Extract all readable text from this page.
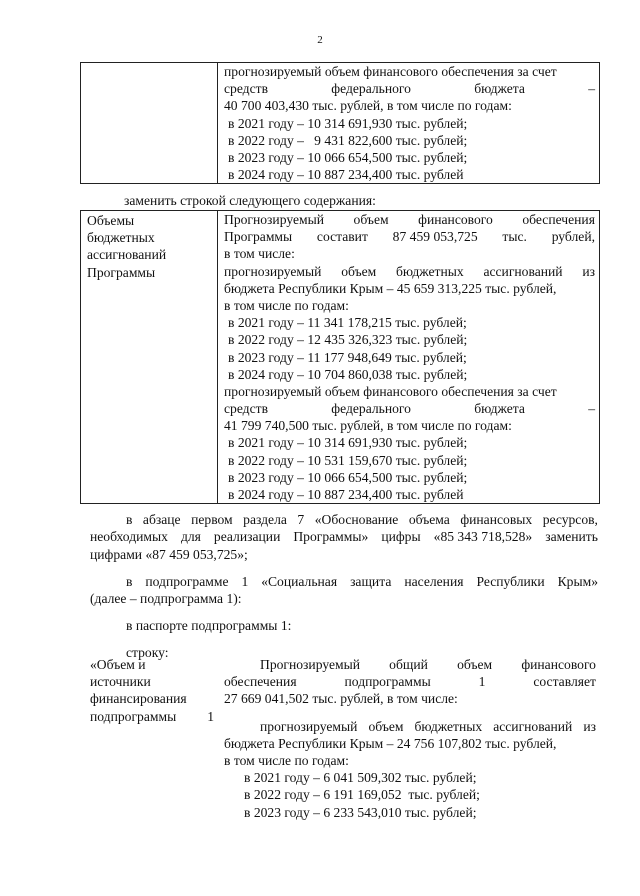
2

прогнозируемый объем финансового обеспечения за счет
средств	федерального	бюджета	–
40 700 403,430 тыс. рублей, в том числе по годам:
в 2021 году – 10 314 691,930 тыс. рублей;
в 2022 году –   9 431 822,600 тыс. рублей;
в 2023 году – 10 066 654,500 тыс. рублей;
в 2024 году – 10 887 234,400 тыс. рублей
заменить строкой следующего содержания:
Объемы
бюджетных
ассигнований
Программы

Прогнозируемый объем финансового обеспечения
Программы составит 87 459 053,725 тыс. рублей,
в том числе:
прогнозируемый объем бюджетных ассигнований из
бюджета Республики Крым – 45 659 313,225 тыс. рублей,
в том числе по годам:
в 2021 году – 11 341 178,215 тыс. рублей;
в 2022 году – 12 435 326,323 тыс. рублей;
в 2023 году – 11 177 948,649 тыс. рублей;
в 2024 году – 10 704 860,038 тыс. рублей;
прогнозируемый объем финансового обеспечения за счет
средств	федерального	бюджета	–
41 799 740,500 тыс. рублей, в том числе по годам:
в 2021 году – 10 314 691,930 тыс. рублей;
в 2022 году – 10 531 159,670 тыс. рублей;
в 2023 году – 10 066 654,500 тыс. рублей;
в 2024 году – 10 887 234,400 тыс. рублей
в абзаце первом раздела 7 «Обоснование объема финансовых ресурсов,
необходимых для реализации Программы» цифры «85 343 718,528» заменить
цифрами «87 459 053,725»;
в подпрограмме 1 «Социальная защита населения Республики Крым»
(далее – подпрограмма 1):
в паспорте подпрограммы 1:
строку:
«Объем и
источники
финансирования
подпрограммы 1
Прогнозируемый общий объем финансового
обеспечения	подпрограммы	1	составляет
27 669 041,502 тыс. рублей, в том числе:
прогнозируемый объем бюджетных ассигнований из
бюджета Республики Крым – 24 756 107,802 тыс. рублей,
в том числе по годам:
в 2021 году – 6 041 509,302 тыс. рублей;
в 2022 году – 6 191 169,052  тыс. рублей;
в 2023 году – 6 233 543,010 тыс. рублей;
